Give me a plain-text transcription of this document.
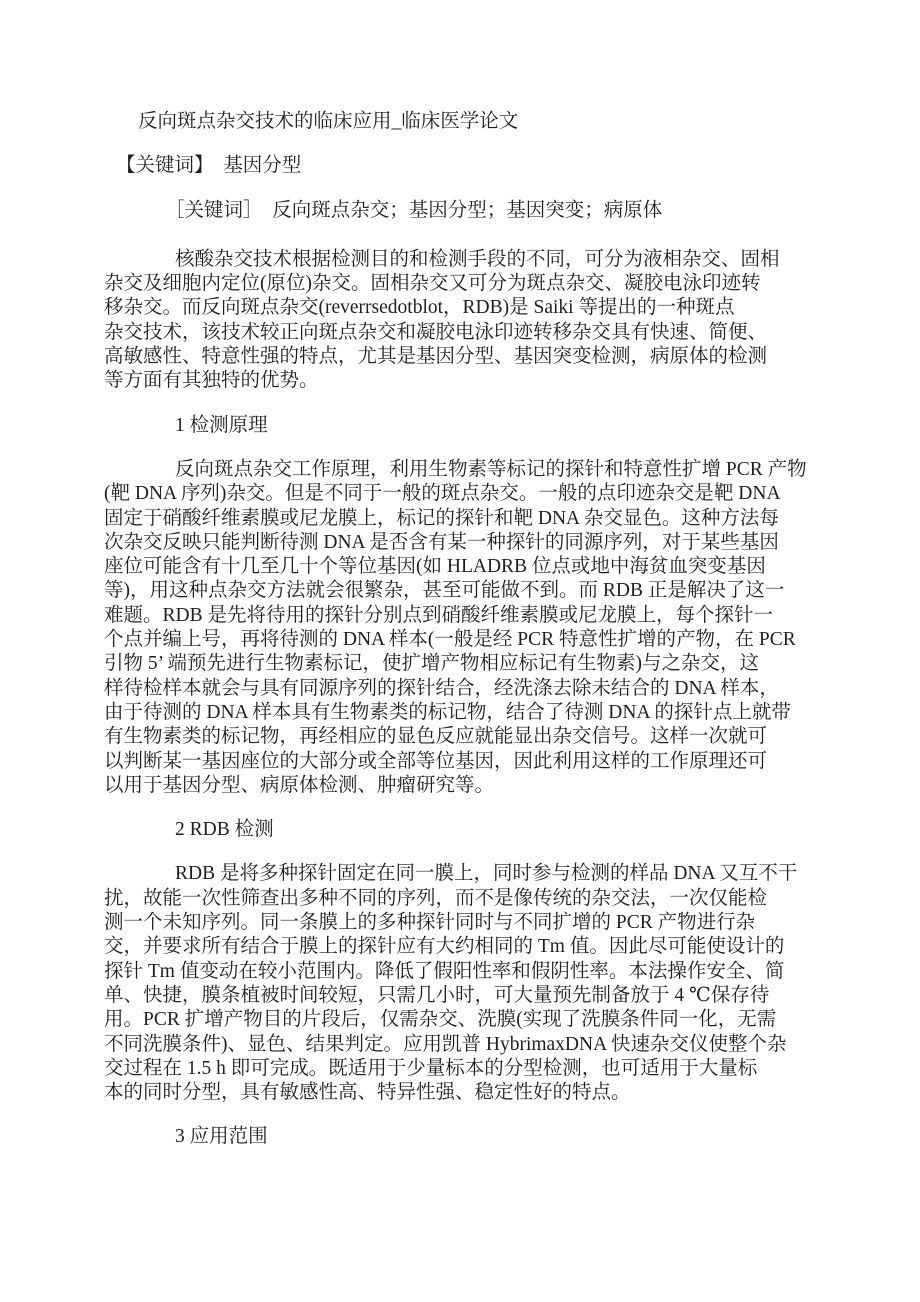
反向斑点杂交技术的临床应用_临床医学论文
【关键词】　基因分型
［关键词］　反向斑点杂交；基因分型；基因突变；病原体
核酸杂交技术根据检测目的和检测手段的不同，可分为液相杂交、固相
杂交及细胞内定位(原位)杂交。固相杂交又可分为斑点杂交、凝胶电泳印迹转
移杂交。而反向斑点杂交(reverrsedotblot，RDB)是 Saiki 等提出的一种斑点
杂交技术，该技术较正向斑点杂交和凝胶电泳印迹转移杂交具有快速、简便、
高敏感性、特意性强的特点，尤其是基因分型、基因突变检测，病原体的检测
等方面有其独特的优势。
1 检测原理
反向斑点杂交工作原理，利用生物素等标记的探针和特意性扩增 PCR 产物
(靶 DNA 序列)杂交。但是不同于一般的斑点杂交。一般的点印迹杂交是靶 DNA
固定于硝酸纤维素膜或尼龙膜上，标记的探针和靶 DNA 杂交显色。这种方法每
次杂交反映只能判断待测 DNA 是否含有某一种探针的同源序列，对于某些基因
座位可能含有十几至几十个等位基因(如 HLADRB 位点或地中海贫血突变基因
等)，用这种点杂交方法就会很繁杂，甚至可能做不到。而 RDB 正是解决了这一
难题。RDB 是先将待用的探针分别点到硝酸纤维素膜或尼龙膜上，每个探针一
个点并编上号，再将待测的 DNA 样本(一般是经 PCR 特意性扩增的产物，在 PCR
引物 5’ 端预先进行生物素标记，使扩增产物相应标记有生物素)与之杂交，这
样待检样本就会与具有同源序列的探针结合，经洗涤去除未结合的 DNA 样本，
由于待测的 DNA 样本具有生物素类的标记物，结合了待测 DNA 的探针点上就带
有生物素类的标记物，再经相应的显色反应就能显出杂交信号。这样一次就可
以判断某一基因座位的大部分或全部等位基因，因此利用这样的工作原理还可
以用于基因分型、病原体检测、肿瘤研究等。
2 RDB 检测
RDB 是将多种探针固定在同一膜上，同时参与检测的样品 DNA 又互不干
扰，故能一次性筛查出多种不同的序列，而不是像传统的杂交法，一次仅能检
测一个未知序列。同一条膜上的多种探针同时与不同扩增的 PCR 产物进行杂
交，并要求所有结合于膜上的探针应有大约相同的 Tm 值。因此尽可能使设计的
探针 Tm 值变动在较小范围内。降低了假阳性率和假阴性率。本法操作安全、简
单、快捷，膜条植被时间较短，只需几小时，可大量预先制备放于 4 ℃保存待
用。PCR 扩增产物目的片段后，仅需杂交、洗膜(实现了洗膜条件同一化，无需
不同洗膜条件)、显色、结果判定。应用凯普 HybrimaxDNA 快速杂交仪使整个杂
交过程在 1.5 h 即可完成。既适用于少量标本的分型检测，也可适用于大量标
本的同时分型，具有敏感性高、特异性强、稳定性好的特点。
3 应用范围
